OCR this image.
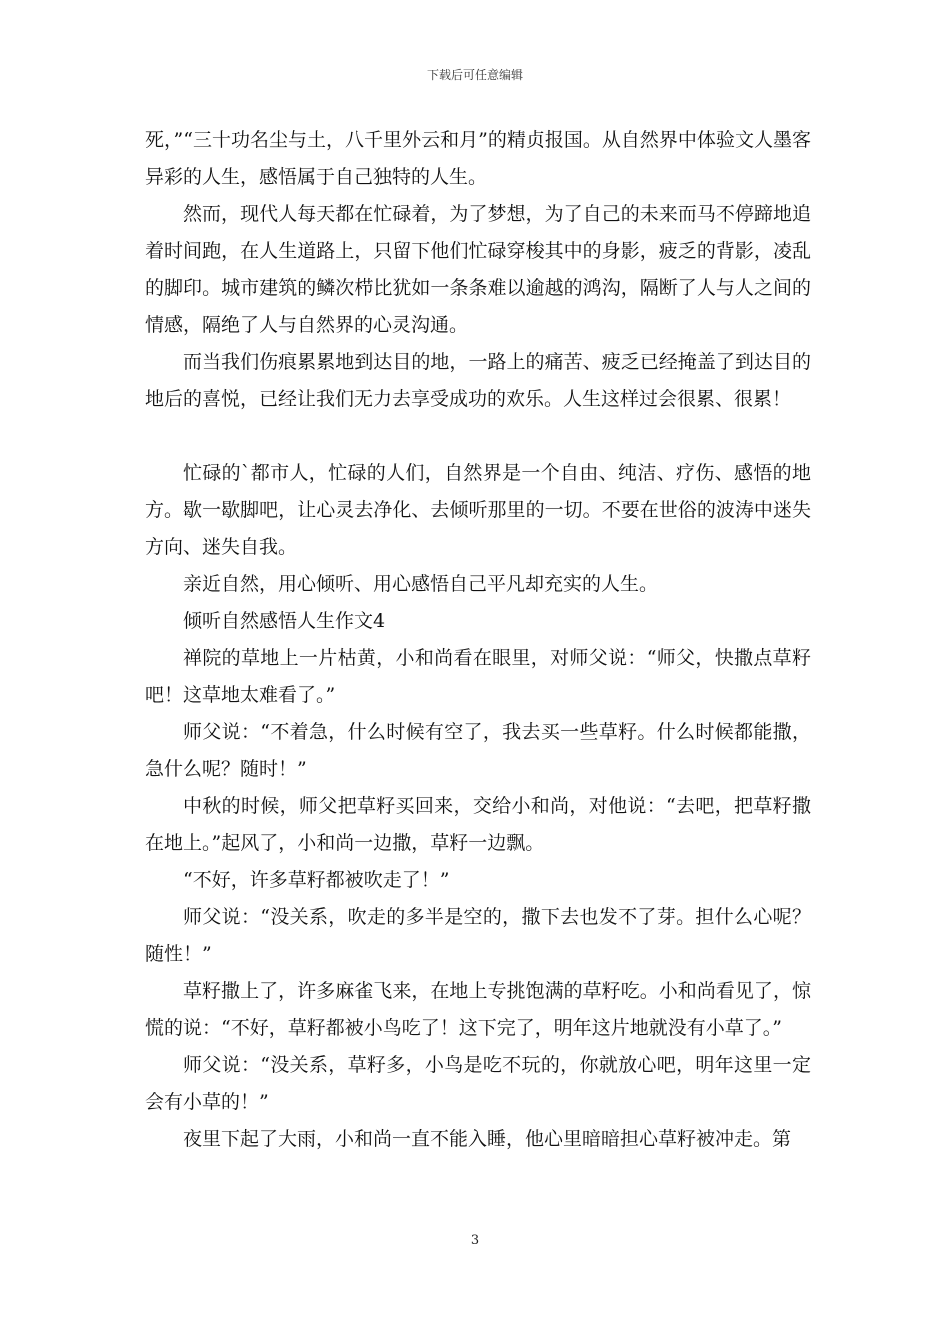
下载后可任意编辑

死，”“三十功名尘与土，八千里外云和月”的精贞报国。从自然界中体验文人墨客异彩的人生，感悟属于自己独特的人生。

然而，现代人每天都在忙碌着，为了梦想，为了自己的未来而马不停蹄地追着时间跑，在人生道路上，只留下他们忙碌穿梭其中的身影，疲乏的背影，凌乱的脚印。城市建筑的鳞次栉比犹如一条条难以逾越的鸿沟，隔断了人与人之间的情感，隔绝了人与自然界的心灵沟通。

而当我们伤痕累累地到达目的地，一路上的痛苦、疲乏已经掩盖了到达目的地后的喜悦，已经让我们无力去享受成功的欢乐。人生这样过会很累、很累！

忙碌的`都市人，忙碌的人们，自然界是一个自由、纯洁、疗伤、感悟的地方。歇一歇脚吧，让心灵去净化、去倾听那里的一切。不要在世俗的波涛中迷失方向、迷失自我。

亲近自然，用心倾听、用心感悟自己平凡却充实的人生。

倾听自然感悟人生作文4

禅院的草地上一片枯黄，小和尚看在眼里，对师父说：“师父，快撒点草籽吧！这草地太难看了。”

师父说：“不着急，什么时候有空了，我去买一些草籽。什么时候都能撒，急什么呢？随时！”

中秋的时候，师父把草籽买回来，交给小和尚，对他说：“去吧，把草籽撒在地上。”起风了，小和尚一边撒，草籽一边飘。

“不好，许多草籽都被吹走了！”

师父说：“没关系，吹走的多半是空的，撒下去也发不了芽。担什么心呢？随性！”

草籽撒上了，许多麻雀飞来，在地上专挑饱满的草籽吃。小和尚看见了，惊慌的说：“不好，草籽都被小鸟吃了！这下完了，明年这片地就没有小草了。”

师父说：“没关系，草籽多，小鸟是吃不玩的，你就放心吧，明年这里一定会有小草的！”

夜里下起了大雨，小和尚一直不能入睡，他心里暗暗担心草籽被冲走。第

3
